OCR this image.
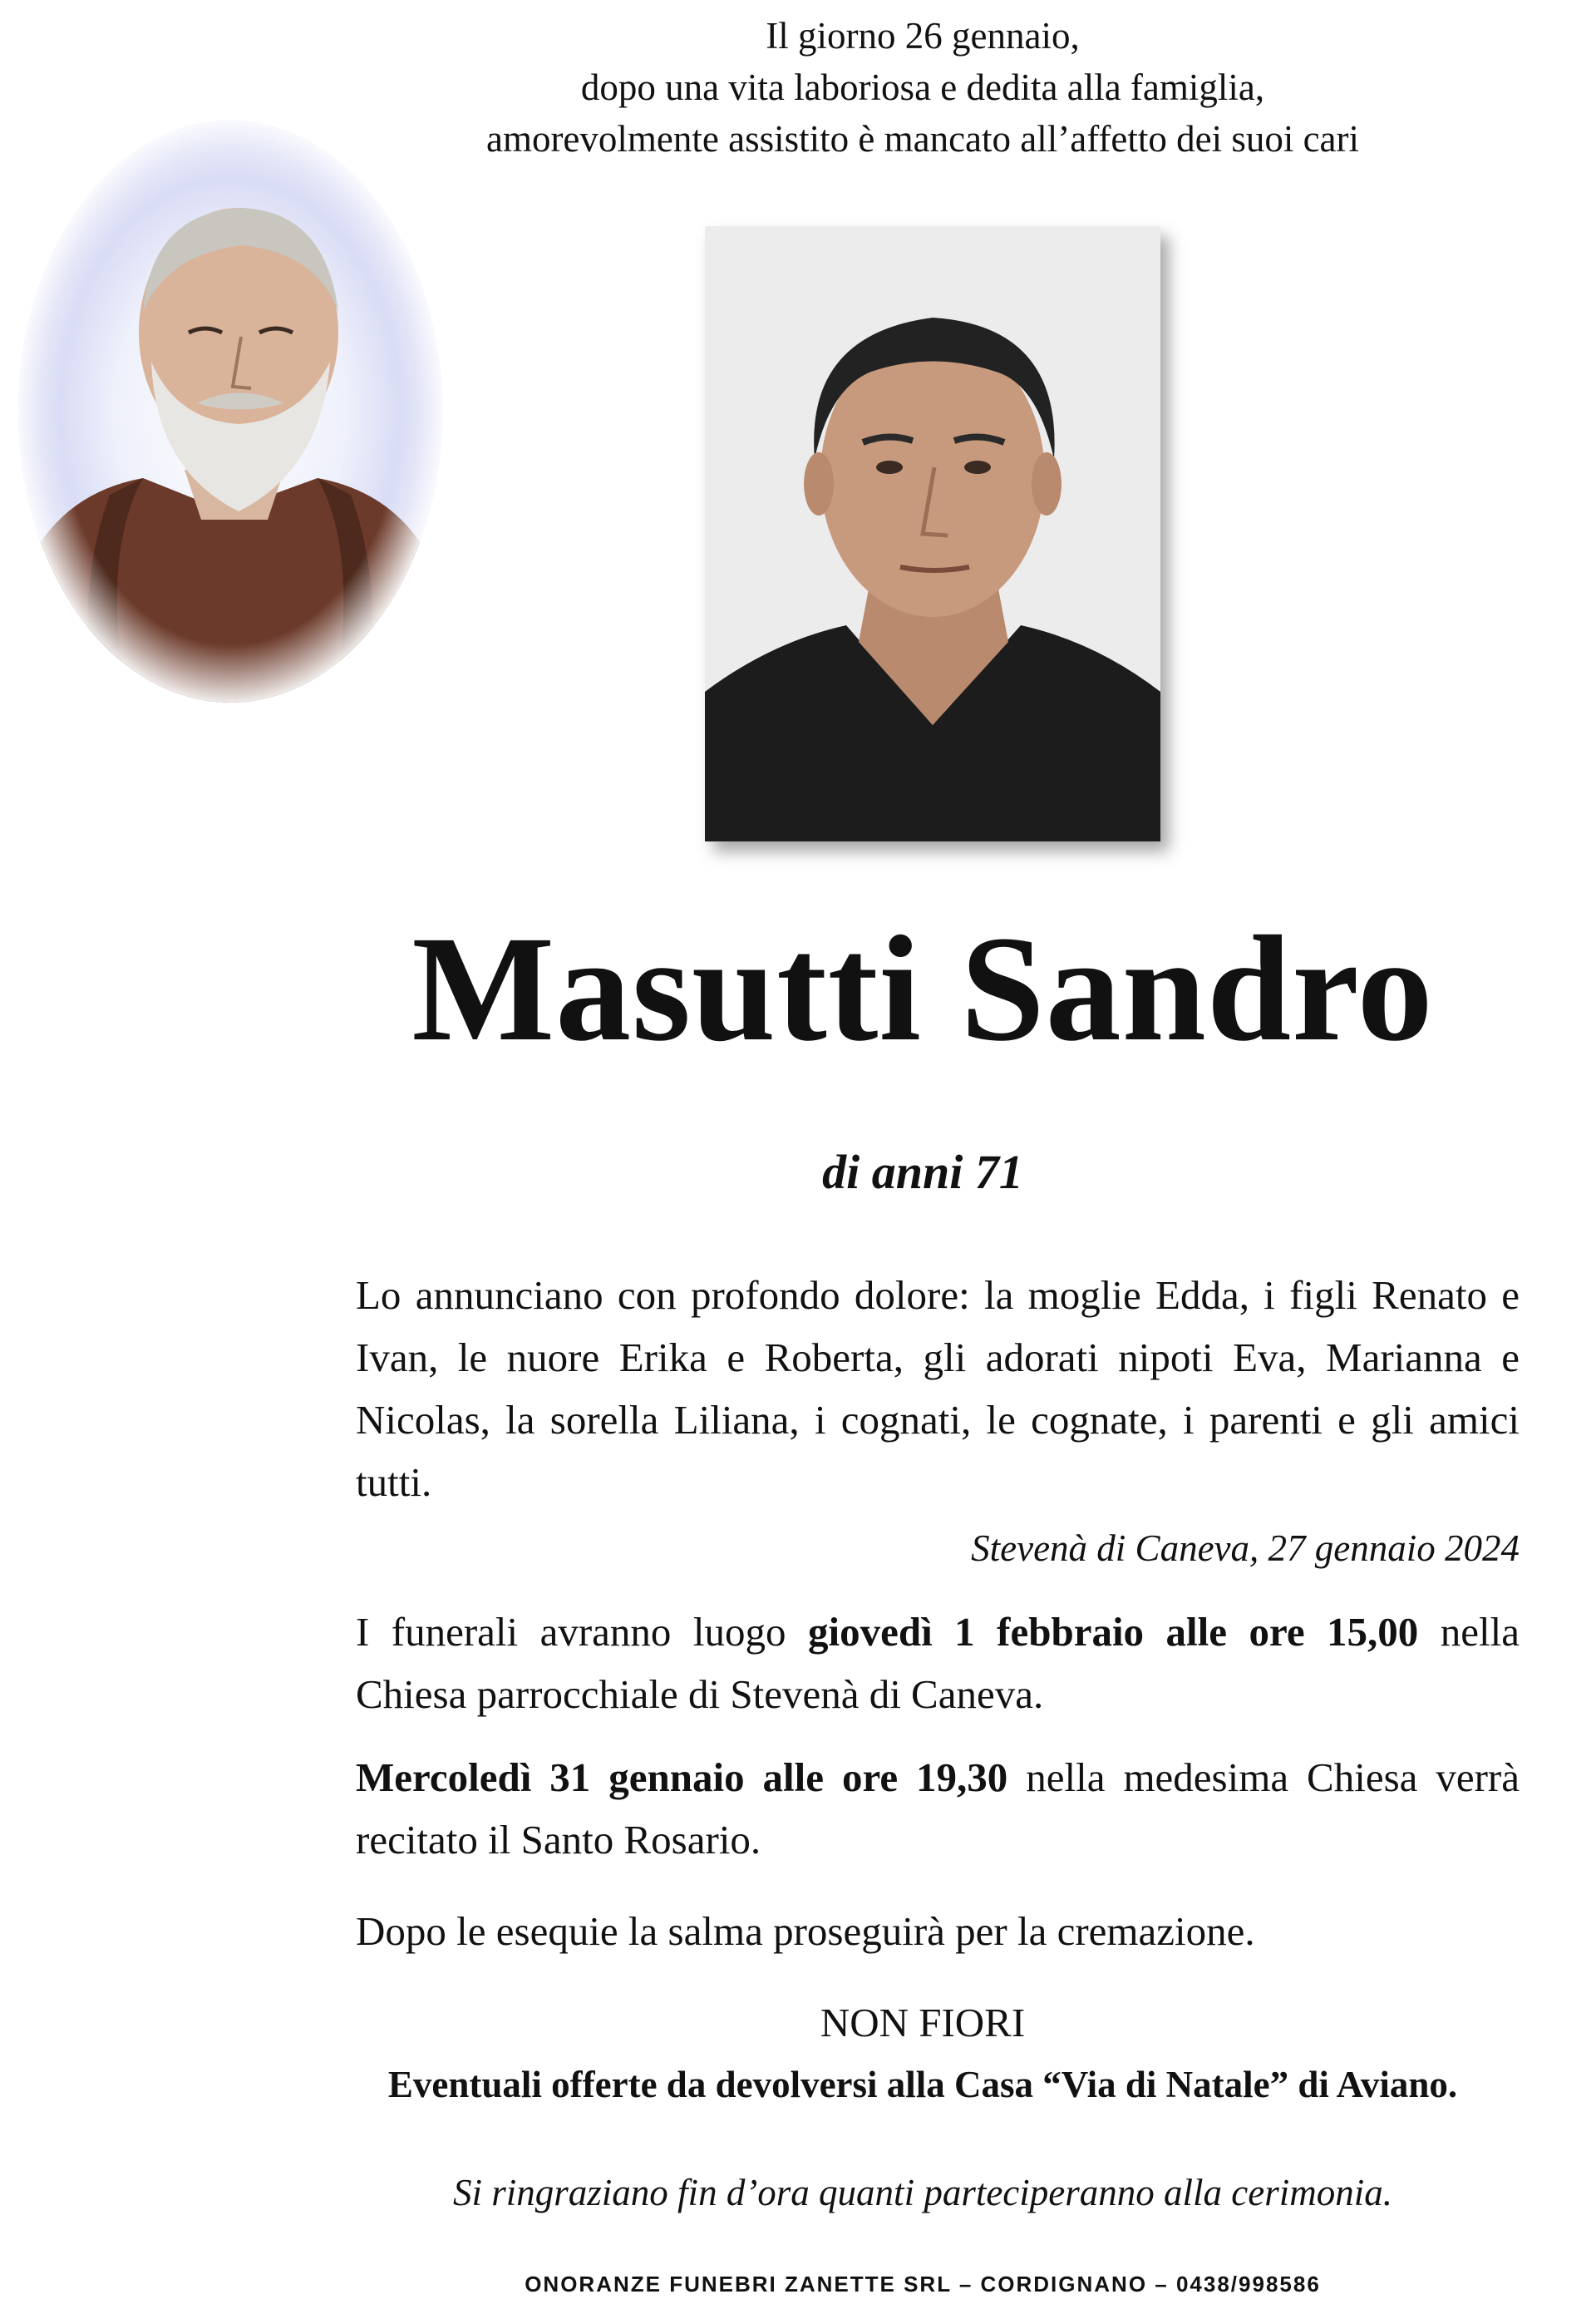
Il giorno 26 gennaio,
dopo una vita laboriosa e dedita alla famiglia,
amorevolmente assistito è mancato all’affetto dei suoi cari
Masutti Sandro
di anni 71
Lo annunciano con profondo dolore: la moglie Edda, i figli Renato e Ivan, le nuore Erika e Roberta, gli adorati nipoti Eva, Marianna e Nicolas, la sorella Liliana, i cognati, le cognate, i parenti e gli amici tutti.
Stevenà di Caneva, 27 gennaio 2024
I funerali avranno luogo giovedì 1 febbraio alle ore 15,00 nella Chiesa parrocchiale di Stevenà di Caneva.
Mercoledì 31 gennaio alle ore 19,30 nella medesima Chiesa verrà recitato il Santo Rosario.
Dopo le esequie la salma proseguirà per la cremazione.
NON FIORI
Eventuali offerte da devolversi alla Casa “Via di Natale” di Aviano.
Si ringraziano fin d’ora quanti parteciperanno alla cerimonia.
ONORANZE FUNEBRI ZANETTE SRL – CORDIGNANO – 0438/998586
